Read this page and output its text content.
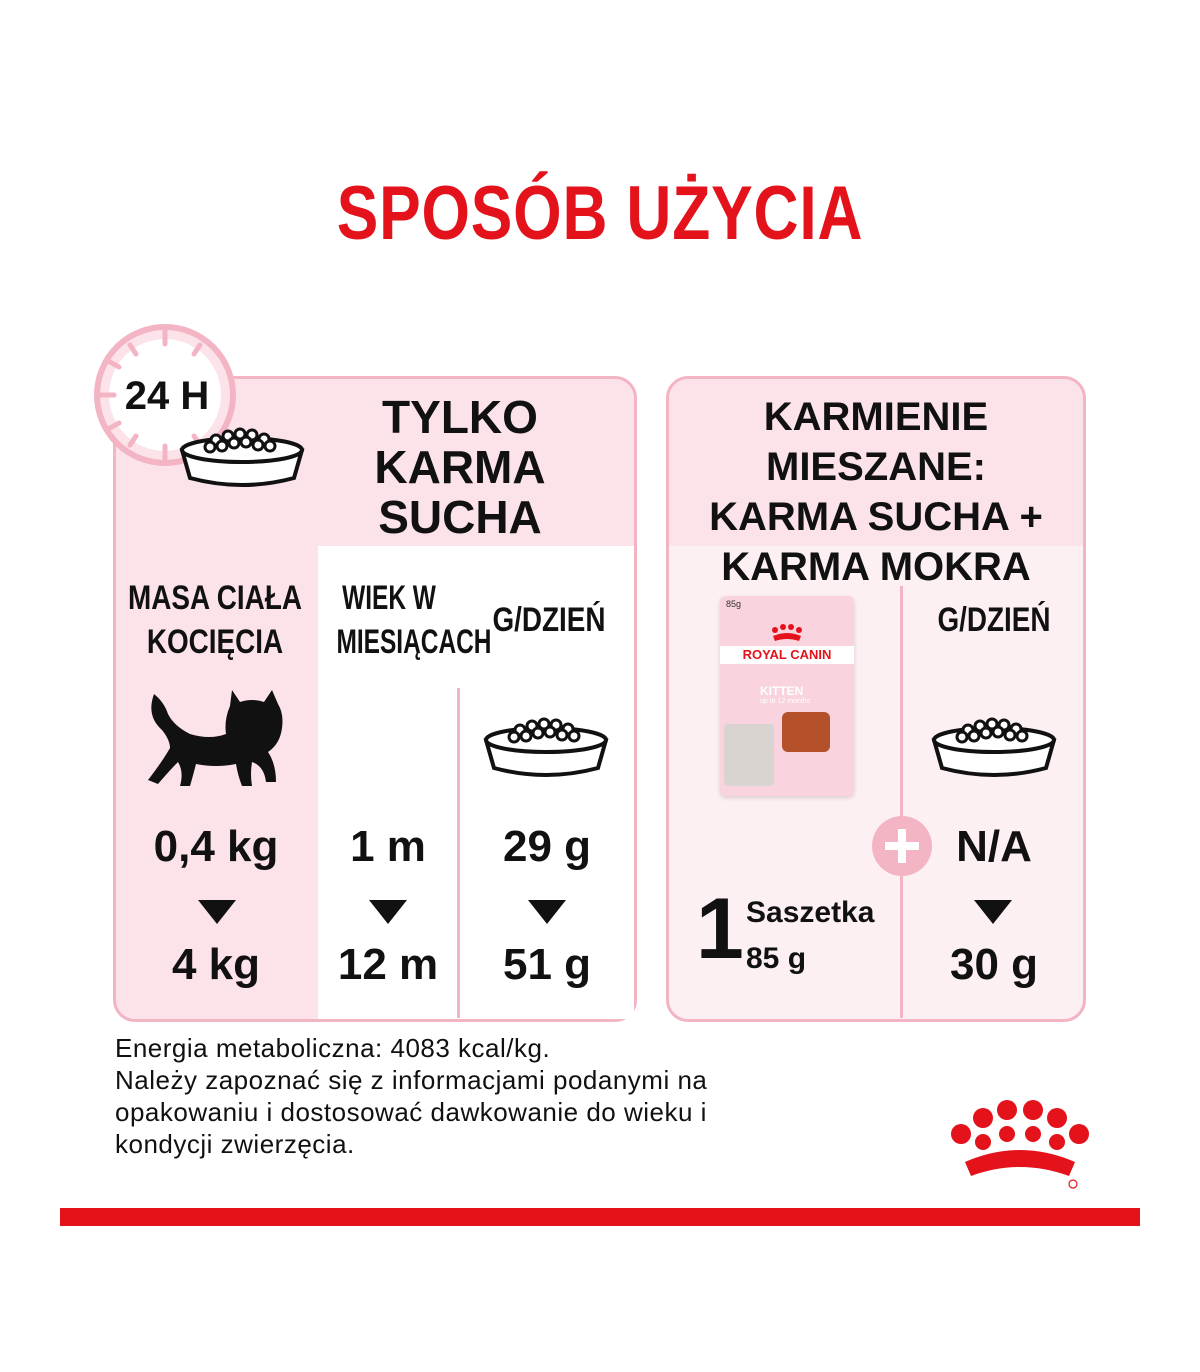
SPOSÓB UŻYCIA
24 H	TYLKO
KARMA
SUCHA
MASA CIAŁA
KOCIĘCIA
WIEK W
MIESIĄCACH
G/DZIEŃ
0,4 kg
4 kg
1 m
12 m
29 g
51 g
KARMIENIE MIESZANE:
KARMA SUCHA +
KARMA MOKRA
G/DZIEŃ
85g
ROYAL CANIN
KITTEN
up to 12 months
N/A
30 g
1 Saszetka
85 g
Energia metaboliczna: 4083 kcal/kg.
Należy zapoznać się z informacjami podanymi na
opakowaniu i dostosować dawkowanie do wieku i
kondycji zwierzęcia.
